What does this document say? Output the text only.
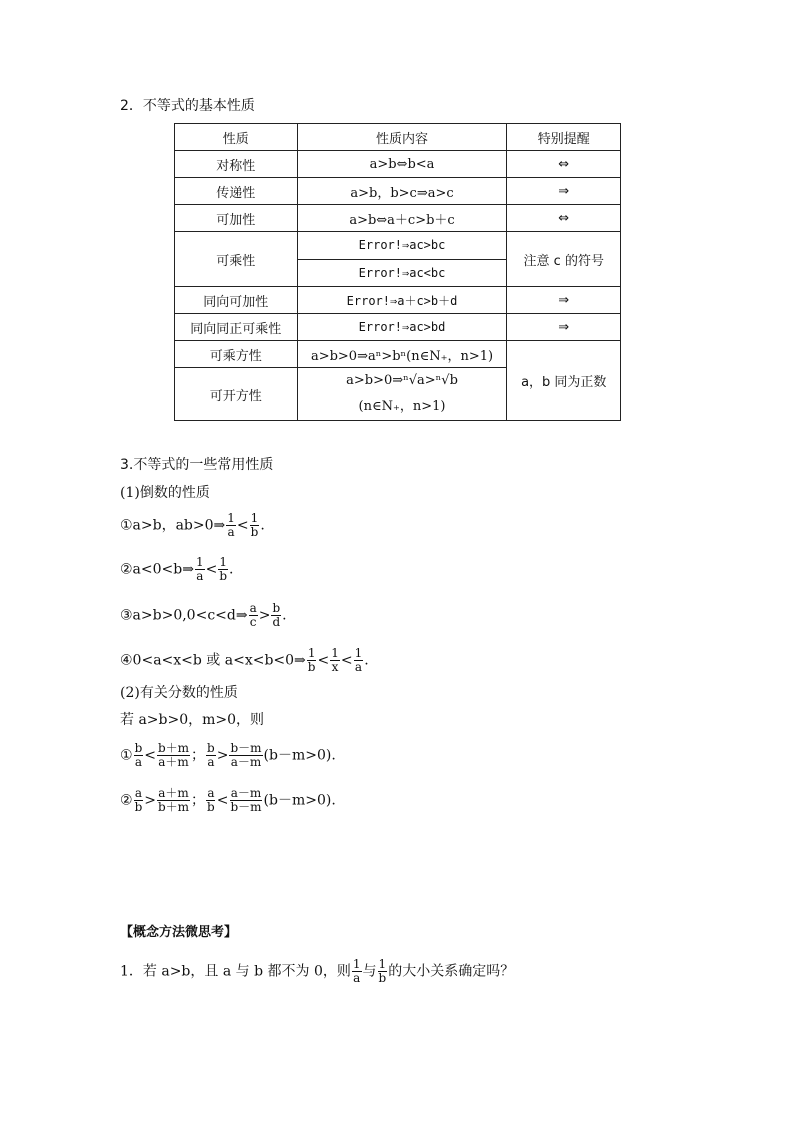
2．不等式的基本性质
性质	性质内容	特别提醒
对称性	a>b⇔b<a	⇔
传递性	a>b，b>c⇒a>c	⇒
可加性	a>b⇔a＋c>b＋c	⇔
可乘性	Error!⇒ac>bc	注意 c 的符号
	Error!⇒ac<bc	
同向可加性	Error!⇒a＋c>b＋d	⇒
同向同正可乘性	Error!⇒ac>bd	⇒
可乘方性	a>b>0⇒aⁿ>bⁿ(n∈N₊，n>1)	a，b 同为正数
可开方性	a>b>0⇒ⁿ√a>ⁿ√b
(n∈N₊，n>1)	
3.不等式的一些常用性质
(1)倒数的性质
①a>b，ab>0⇒ $\frac{1}{a} < \frac{1}{b}$ .
②a<0<b⇒ $\frac{1}{a} < \frac{1}{b}$ .
③a>b>0,0<c<d⇒ $\frac{a}{c} > \frac{b}{d}$ .
④0<a<x<b 或 a<x<b<0⇒ $\frac{1}{b} < \frac{1}{x} < \frac{1}{a}$ .
(2)有关分数的性质
若 a>b>0，m>0，则
① $\frac{b}{a} < \frac{b+m}{a+m}$ ； $\frac{b}{a} > \frac{b-m}{a-m} (b-m>0)$.
② $\frac{a}{b} > \frac{a+m}{b+m}$ ； $\frac{a}{b} < \frac{a-m}{b-m} (b-m>0)$.
【概念方法微思考】
1．若 a>b，且 a 与 b 都不为 0，则 $\frac{1}{a}$ 与 $\frac{1}{b}$ 的大小关系确定吗？
